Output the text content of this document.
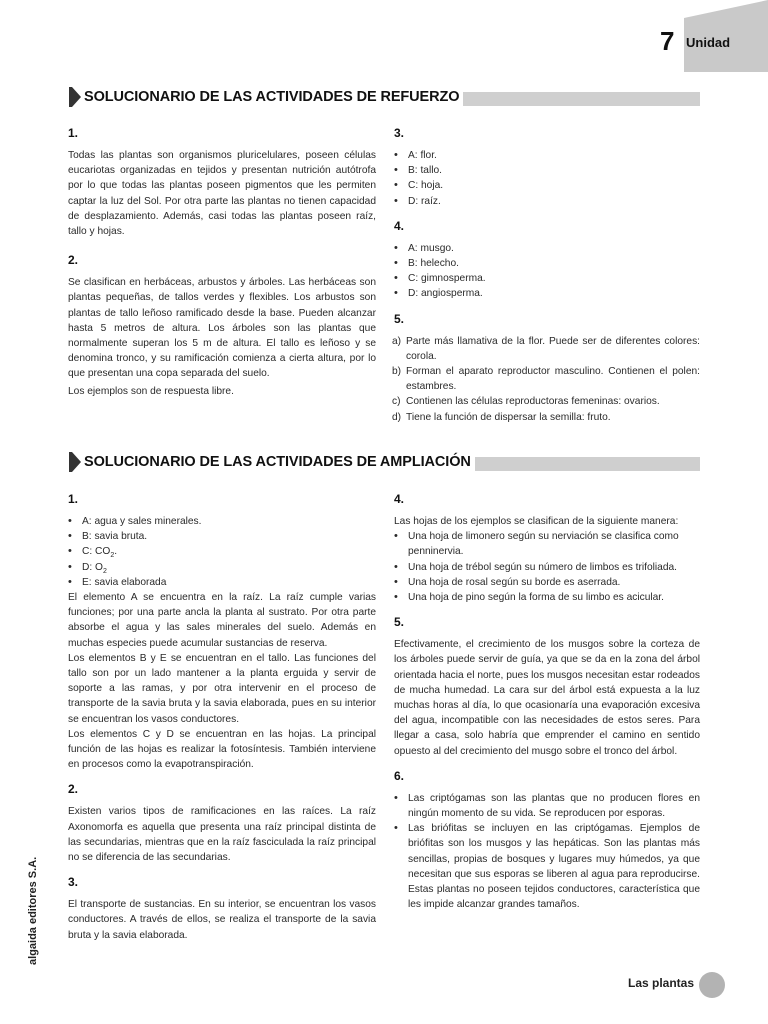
7 Unidad
SOLUCIONARIO DE LAS ACTIVIDADES DE REFUERZO
1.

Todas las plantas son organismos pluricelulares, poseen células eucariotas organizadas en tejidos y presentan nutrición autótrofa por lo que todas las plantas poseen pigmentos que les permiten captar la luz del Sol. Por otra parte las plantas no tienen capacidad de desplazamiento. Además, casi todas las plantas poseen raíz, tallo y hojas.

2.

Se clasifican en herbáceas, arbustos y árboles. Las herbáceas son plantas pequeñas, de tallos verdes y flexibles. Los arbustos son plantas de tallo leñoso ramificado desde la base. Pueden alcanzar hasta 5 metros de altura. Los árboles son las plantas que normalmente superan los 5 m de altura. El tallo es leñoso y se denomina tronco, y su ramificación comienza a cierta altura, por lo que presentan una copa separada del suelo.

Los ejemplos son de respuesta libre.

3.
• A: flor.
• B: tallo.
• C: hoja.
• D: raíz.
4.
• A: musgo.
• B: helecho.
• C: gimnosperma.
• D: angiosperma.
5.
a) Parte más llamativa de la flor. Puede ser de diferentes colores: corola.
b) Forman el aparato reproductor masculino. Contienen el polen: estambres.
c) Contienen las células reproductoras femeninas: ovarios.
d) Tiene la función de dispersar la semilla: fruto.
SOLUCIONARIO DE LAS ACTIVIDADES DE AMPLIACIÓN
1.
• A: agua y sales minerales.
• B: savia bruta.
• C: $CO_2$.
• D: $O_2$
• E: savia elaborada

El elemento A se encuentra en la raíz. La raíz cumple varias funciones; por una parte ancla la planta al sustrato. Por otra parte absorbe el agua y las sales minerales del suelo. Además en muchas especies puede acumular sustancias de reserva.

Los elementos B y E se encuentran en el tallo. Las funciones del tallo son por un lado mantener a la planta erguida y servir de soporte a las ramas, y por otra intervenir en el proceso de transporte de la savia bruta y la savia elaborada, pues en su interior se encuentran los vasos conductores.

Los elementos C y D se encuentran en las hojas. La principal función de las hojas es realizar la fotosíntesis. También interviene en procesos como la evapotranspiración.

2.

Existen varios tipos de ramificaciones en las raíces. La raíz Axonomorfa es aquella que presenta una raíz principal distinta de las secundarias, mientras que en la raíz fasciculada la raíz principal no se diferencia de las secundarias.

3.

El transporte de sustancias. En su interior, se encuentran los vasos conductores. A través de ellos, se realiza el transporte de la savia bruta y la savia elaborada.

4.

Las hojas de los ejemplos se clasifican de la siguiente manera:

• Una hoja de limonero según su nerviación se clasifica como penninervia.
• Una hoja de trébol según su número de limbos es trifoliada.
• Una hoja de rosal según su borde es aserrada.
• Una hoja de pino según la forma de su limbo es acicular.
5.

Efectivamente, el crecimiento de los musgos sobre la corteza de los árboles puede servir de guía, ya que se da en la zona del árbol orientada hacia el norte, pues los musgos necesitan estar rodeados de mucha humedad. La cara sur del árbol está expuesta a la luz muchas horas al día, lo que ocasionaría una evaporación excesiva del agua, incompatible con las necesidades de estos seres. Para llegar a casa, solo habría que emprender el camino en sentido opuesto al del crecimiento del musgo sobre el tronco del árbol.

6.
• Las criptógamas son las plantas que no producen flores en ningún momento de su vida. Se reproducen por esporas.
• Las briófitas se incluyen en las criptógamas. Ejemplos de briófitas son los musgos y las hepáticas. Son las plantas más sencillas, propias de bosques y lugares muy húmedos, ya que necesitan que sus esporas se liberen al agua para reproducirse. Estas plantas no poseen tejidos conductores, característica que les impide alcanzar grandes tamaños.
algaida editores S.A.
Las plantas
